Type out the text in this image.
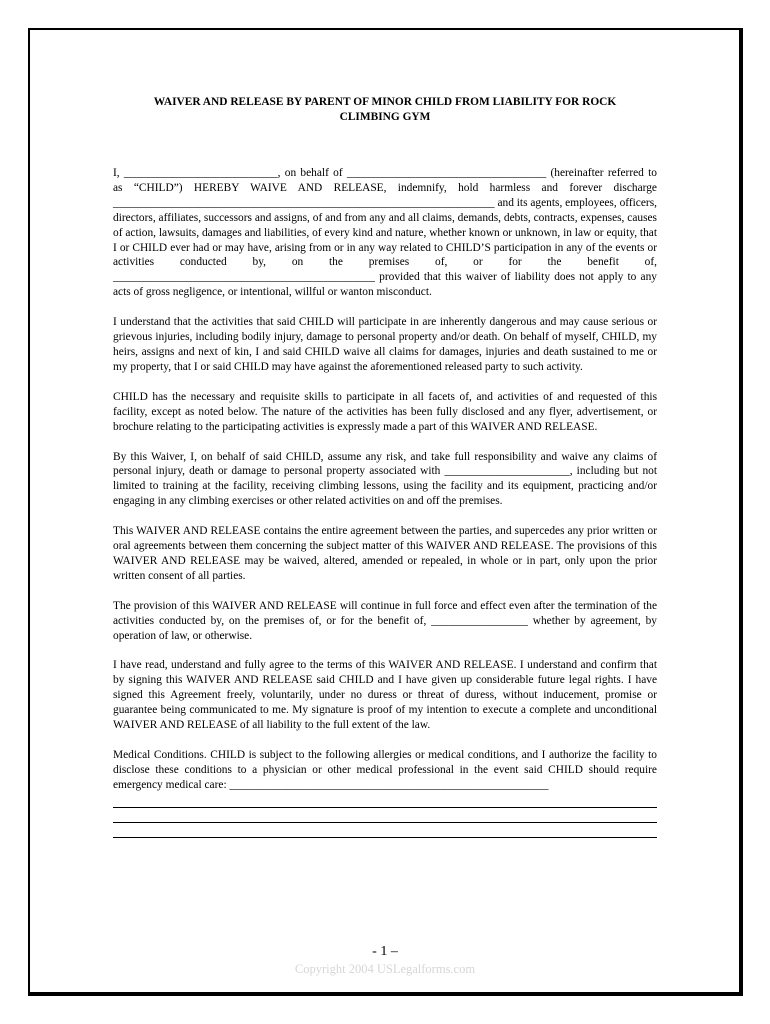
WAIVER AND RELEASE BY PARENT OF MINOR CHILD FROM LIABILITY FOR ROCK
CLIMBING GYM

I, ___________________________, on behalf of ___________________________________ (hereinafter referred to as “CHILD”) HEREBY WAIVE AND RELEASE, indemnify, hold harmless and forever discharge ___________________________________________________________________ and its agents, employees, officers, directors, affiliates, successors and assigns, of and from any and all claims, demands, debts, contracts, expenses, causes of action, lawsuits, damages and liabilities, of every kind and nature, whether known or unknown, in law or equity, that I or CHILD ever had or may have, arising from or in any way related to CHILD’S participation in any of the events or activities conducted by, on the premises of, or for the benefit of, ______________________________________________ provided that this waiver of liability does not apply to any acts of gross negligence, or intentional, willful or wanton misconduct.

I understand that the activities that said CHILD will participate in are inherently dangerous and may cause serious or grievous injuries, including bodily injury, damage to personal property and/or death. On behalf of myself, CHILD, my heirs, assigns and next of kin, I and said CHILD waive all claims for damages, injuries and death sustained to me or my property, that I or said CHILD may have against the aforementioned released party to such activity.

CHILD has the necessary and requisite skills to participate in all facets of, and activities of and requested of this facility, except as noted below. The nature of the activities has been fully disclosed and any flyer, advertisement, or brochure relating to the participating activities is expressly made a part of this WAIVER AND RELEASE.

By this Waiver, I, on behalf of said CHILD, assume any risk, and take full responsibility and waive any claims of personal injury, death or damage to personal property associated with ______________________, including but not limited to training at the facility, receiving climbing lessons, using the facility and its equipment, practicing and/or engaging in any climbing exercises or other related activities on and off the premises.

This WAIVER AND RELEASE contains the entire agreement between the parties, and supercedes any prior written or oral agreements between them concerning the subject matter of this WAIVER AND RELEASE. The provisions of this WAIVER AND RELEASE may be waived, altered, amended or repealed, in whole or in part, only upon the prior written consent of all parties.

The provision of this WAIVER AND RELEASE will continue in full force and effect even after the termination of the activities conducted by, on the premises of, or for the benefit of, _________________ whether by agreement, by operation of law, or otherwise.

I have read, understand and fully agree to the terms of this WAIVER AND RELEASE. I understand and confirm that by signing this WAIVER AND RELEASE said CHILD and I have given up considerable future legal rights. I have signed this Agreement freely, voluntarily, under no duress or threat of duress, without inducement, promise or guarantee being communicated to me. My signature is proof of my intention to execute a complete and unconditional WAIVER AND RELEASE of all liability to the full extent of the law.

Medical Conditions. CHILD is subject to the following allergies or medical conditions, and I authorize the facility to disclose these conditions to a physician or other medical professional in the event said CHILD should require emergency medical care: ________________________________________________________

- 1 –
Copyright 2004 USLegalforms.com
